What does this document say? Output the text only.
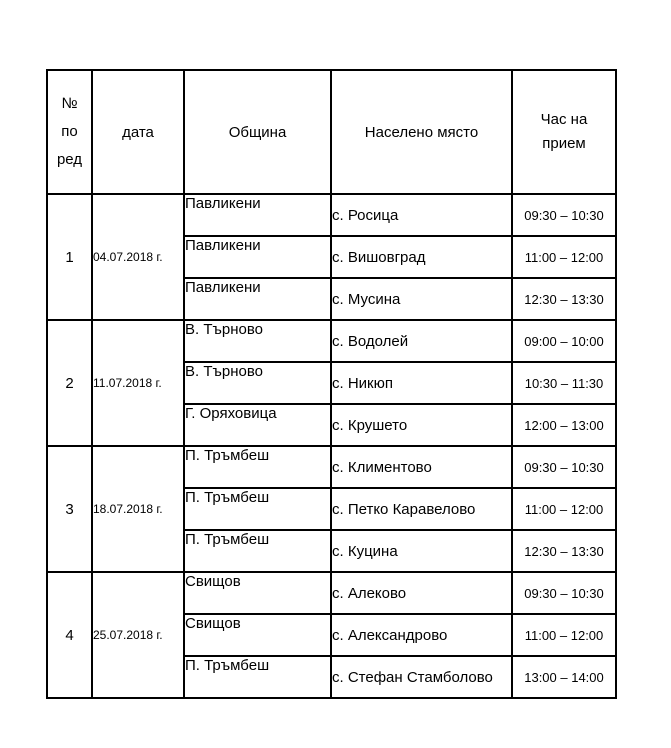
№
по
ред	дата	Община	Населено място	Час на прием

1	04.07.2018 г.	Павликени	с. Росица	09:30 – 10:30
		Павликени	с. Вишовград	11:00 – 12:00
		Павликени	с. Мусина	12:30 – 13:30
2	11.07.2018 г.	В. Търново	с. Водолей	09:00 – 10:00
		В. Търново	с. Никюп	10:30 – 11:30
		Г. Оряховица	с. Крушето	12:00 – 13:00
3	18.07.2018 г.	П. Тръмбеш	с. Климентово	09:30 – 10:30
		П. Тръмбеш	с. Петко Каравелово	11:00 – 12:00
		П. Тръмбеш	с. Куцина	12:30 – 13:30
4	25.07.2018 г.	Свищов	с. Алеково	09:30 – 10:30
		Свищов	с. Александрово	11:00 – 12:00
		П. Тръмбеш	с. Стефан Стамболово	13:00 – 14:00
